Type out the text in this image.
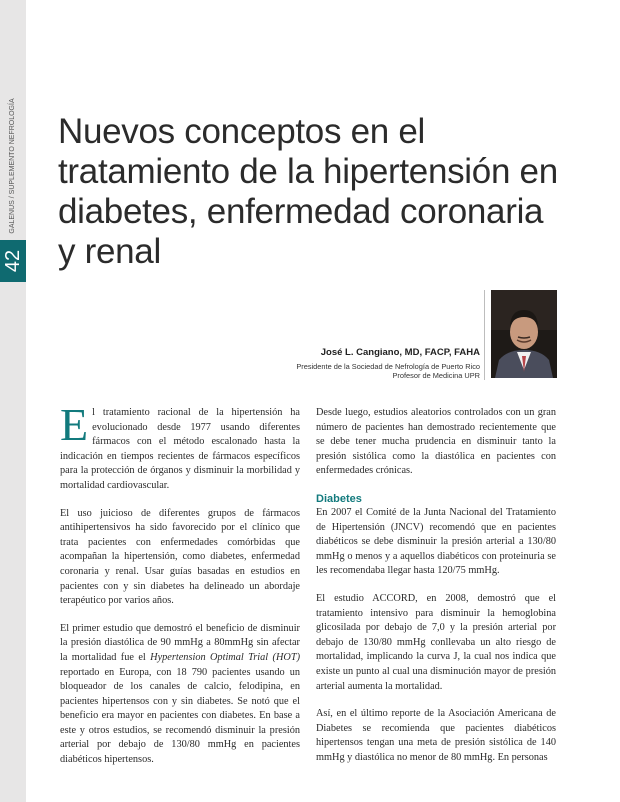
42
GALENUS / SUPLEMENTO NEFROLOGÍA Nuevos conceptos en el tratamiento de la hipertensión en diabetes, enfermedad coronaria y renal
José L. Cangiano, MD, FACP, FAHA
Presidente de la Sociedad de Nefrología de Puerto Rico
Profesor de Medicina UPR

El tratamiento racional de la hipertensión ha evolucionado desde 1977 usando diferentes fármacos con el método escalonado hasta la indicación en tiempos recientes de fármacos específicos para la protección de órganos y disminuir la morbilidad y mortalidad cardiovascular.

El uso juicioso de diferentes grupos de fármacos antihipertensivos ha sido favorecido por el clínico que trata pacientes con enfermedades comórbidas que acompañan la hipertensión, como diabetes, enfermedad coronaria y renal. Usar guías basadas en estudios en pacientes con y sin diabetes ha delineado un abordaje terapéutico por varios años.

El primer estudio que demostró el beneficio de disminuir la presión diastólica de 90 mmHg a 80mmHg sin afectar la mortalidad fue el Hypertension Optimal Trial (HOT) reportado en Europa, con 18 790 pacientes usando un bloqueador de los canales de calcio, felodipina, en pacientes hipertensos con y sin diabetes. Se notó que el beneficio era mayor en pacientes con diabetes. En base a este y otros estudios, se recomendó disminuir la presión arterial por debajo de 130/80 mmHg en pacientes diabéticos hipertensos.

Desde luego, estudios aleatorios controlados con un gran número de pacientes han demostrado recientemente que se debe tener mucha prudencia en disminuir tanto la presión sistólica como la diastólica en pacientes con enfermedades crónicas.

Diabetes

En 2007 el Comité de la Junta Nacional del Tratamiento de Hipertensión (JNCV) recomendó que en pacientes diabéticos se debe disminuir la presión arterial a 130/80 mmHg o menos y a aquellos diabéticos con proteinuria se les recomendaba llegar hasta 120/75 mmHg.

El estudio ACCORD, en 2008, demostró que el tratamiento intensivo para disminuir la hemoglobina glicosilada por debajo de 7,0 y la presión arterial por debajo de 130/80 mmHg conllevaba un alto riesgo de mortalidad, implicando la curva J, la cual nos indica que existe un punto al cual una disminución mayor de presión arterial aumenta la mortalidad.

Así, en el último reporte de la Asociación Americana de Diabetes se recomienda que pacientes diabéticos hipertensos tengan una meta de presión sistólica de 140 mmHg y diastólica no menor de 80 mmHg. En personas
